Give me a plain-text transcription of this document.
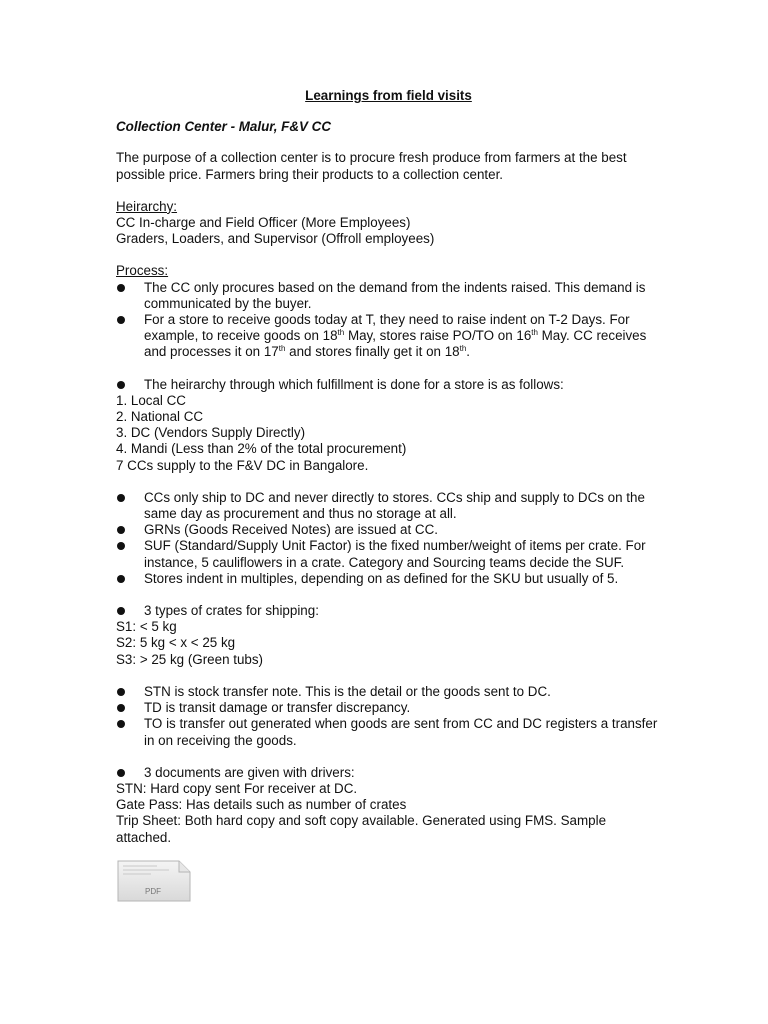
Learnings from field visits

Collection Center - Malur, F&V CC

The purpose of a collection center is to procure fresh produce from farmers at the best possible price. Farmers bring their products to a collection center.

Heirarchy:

CC In-charge and Field Officer (More Employees)

Graders, Loaders, and Supervisor (Offroll employees)

Process:

The CC only procures based on the demand from the indents raised. This demand is communicated by the buyer.
For a store to receive goods today at T, they need to raise indent on T-2 Days. For example, to receive goods on 18th May, stores raise PO/TO on 16th May. CC receives and processes it on 17th and stores finally get it on 18th.
The heirarchy through which fulfillment is done for a store is as follows:

1. Local CC

2. National CC

3. DC (Vendors Supply Directly)

4. Mandi (Less than 2% of the total procurement)

7 CCs supply to the F&V DC in Bangalore.

CCs only ship to DC and never directly to stores. CCs ship and supply to DCs on the same day as procurement and thus no storage at all.
GRNs (Goods Received Notes) are issued at CC.
SUF (Standard/Supply Unit Factor) is the fixed number/weight of items per crate. For instance, 5 cauliflowers in a crate. Category and Sourcing teams decide the SUF.
Stores indent in multiples, depending on as defined for the SKU but usually of 5.
3 types of crates for shipping:

S1: < 5 kg

S2: 5 kg < x < 25 kg

S3: > 25 kg (Green tubs)

STN is stock transfer note. This is the detail or the goods sent to DC.
TD is transit damage or transfer discrepancy.
TO is transfer out generated when goods are sent from CC and DC registers a transfer in on receiving the goods.
3 documents are given with drivers:

STN: Hard copy sent For receiver at DC.

Gate Pass: Has details such as number of crates

Trip Sheet: Both hard copy and soft copy available. Generated using FMS. Sample attached.

PDF
